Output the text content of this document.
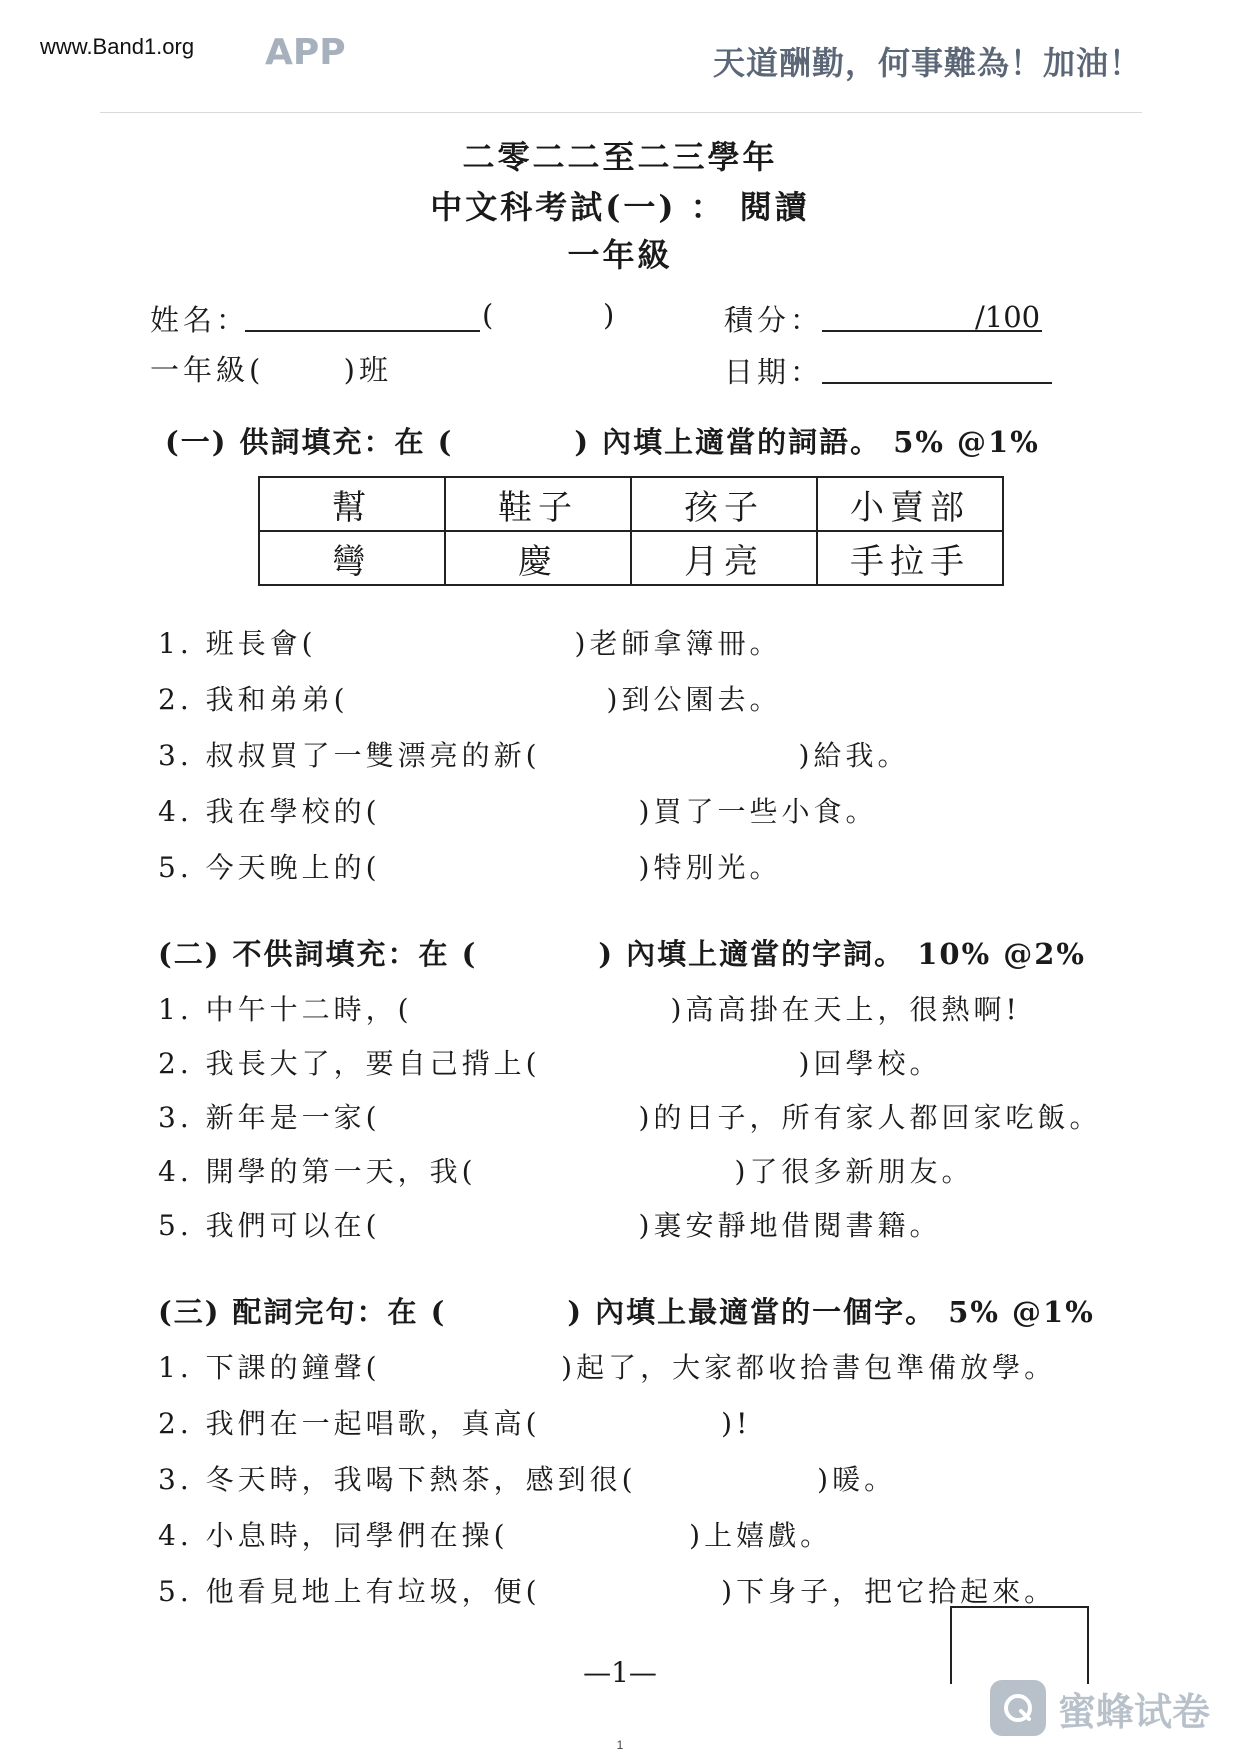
APP
www.Band1.org	天道酬勤，何事難為！加油！
二零二二至二三學年
中文科考試(一) ： 閱讀
一年級
姓名：	(        )
一年級(      )班
積分：	/100
日期：
(一) 供詞填充：在 (          ) 內填上適當的詞語。 5% @1%
幫	鞋子	孩子	小賣部
彎	慶	月亮	手拉手
1. 班長會(                    )老師拿簿冊。
2. 我和弟弟(                    )到公園去。
3. 叔叔買了一雙漂亮的新(                    )給我。
4. 我在學校的(                    )買了一些小食。
5. 今天晚上的(                    )特別光。
(二) 不供詞填充：在 (          ) 內填上適當的字詞。 10% @2%
1. 中午十二時，(                    )高高掛在天上，很熱啊!
2. 我長大了，要自己揹上(                    )回學校。
3. 新年是一家(                    )的日子，所有家人都回家吃飯。
4. 開學的第一天，我(                    )了很多新朋友。
5. 我們可以在(                    )裏安靜地借閱書籍。
(三) 配詞完句：在 (          ) 內填上最適當的一個字。 5% @1%
1. 下課的鐘聲(              )起了，大家都收拾書包準備放學。
2. 我們在一起唱歌，真高(              )!
3. 冬天時，我喝下熱茶，感到很(              )暖。
4. 小息時，同學們在操(              )上嬉戲。
5. 他看見地上有垃圾，便(              )下身子，把它拾起來。
—1—
1
蜜蜂试卷
